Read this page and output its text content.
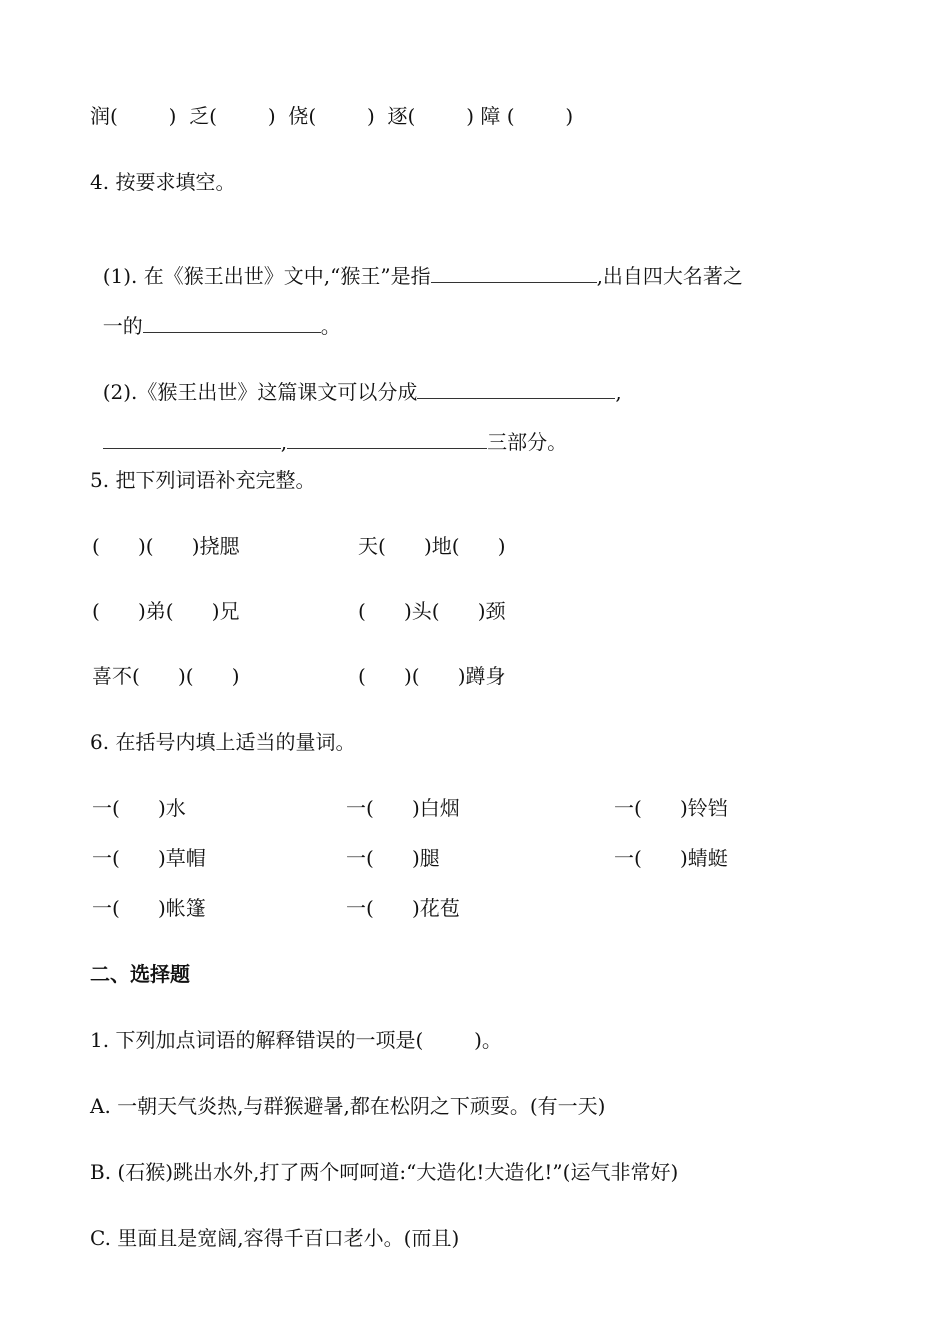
润(        )  乏(        )  侥(        )  逐(        ) 障 (        )
4. 按要求填空。

(1). 在《猴王出世》文中,“猴王”是指	,出自四大名著之

一的	。

(2).《猴王出世》这篇课文可以分成	,

,	三部分。

5. 把下列词语补充完整。
(      )(      )挠腮	天(      )地(      )
(      )弟(      )兄	(      )头(      )颈
喜不(      )(      )	(      )(      )蹲身
6. 在括号内填上适当的量词。
一(      )水	一(      )白烟	一(      )铃铛
一(      )草帽	一(      )腿	一(      )蜻蜓
一(      )帐篷	一(      )花苞
二、选择题
1. 下列加点词语的解释错误的一项是(        )。
A. 一朝天气炎热,与群猴避暑,都在松阴之下顽耍。(有一天)
B. (石猴)跳出水外,打了两个呵呵道:“大造化!大造化!”(运气非常好)
C. 里面且是宽阔,容得千百口老小。(而且)
